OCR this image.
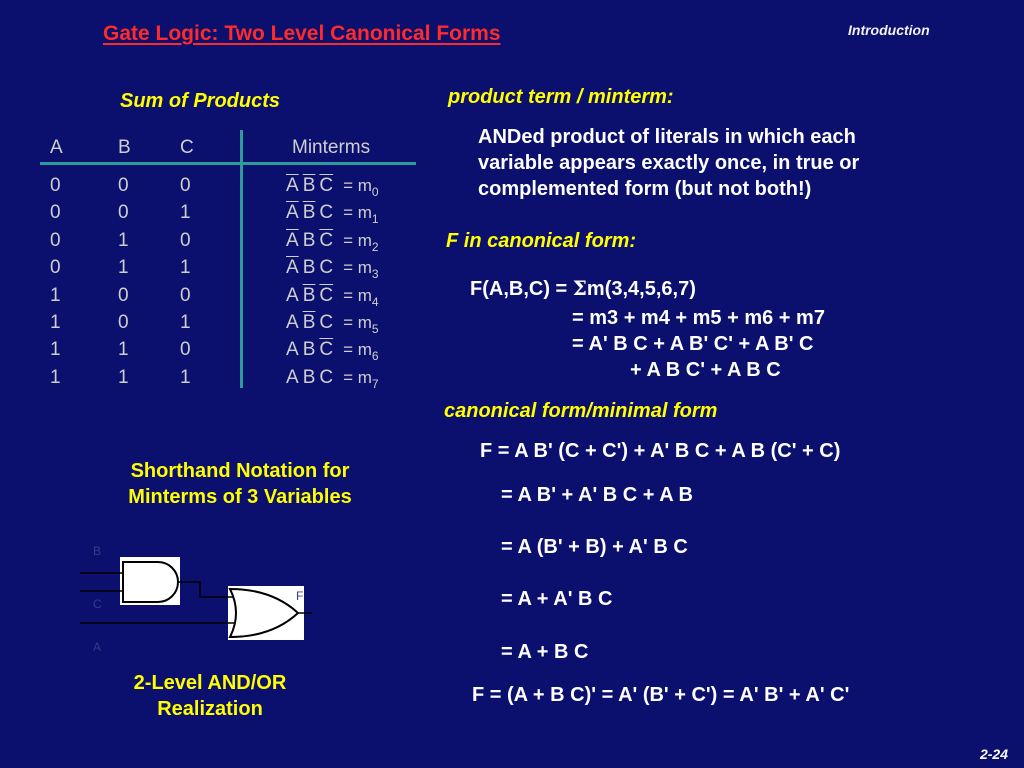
Gate Logic: Two Level Canonical Forms	Introduction
Sum of Products
A	B	C	Minterms
0	0	0	$\overline{A}$ $\overline{B}$ $\overline{C} = m_0$
0	0	1	$\overline{A}$ $\overline{B}$ $C = m_1$
0	1	0	$\overline{A}$ B $\overline{C} = m_2$
0	1	1	$\overline{A}$ B $C = m_3$
1	0	0	A $\overline{B}$ $\overline{C} = m_4$
1	0	1	A $\overline{B}$ $C = m_5$
1	1	0	A B $\overline{C} = m_6$
1	1	1	A B $C = m_7$
Shorthand Notation for
Minterms of 3 Variables
B
C
A
F
2-Level AND/OR
Realization
product term / minterm:
ANDed product of literals in which each
variable appears exactly once, in true or
complemented form (but not both!)
F in canonical form:
F(A,B,C) = Σm(3,4,5,6,7)
= m3 + m4 + m5 + m6 + m7
= A' B C + A B' C' + A B' C
+ A B C' + A B C
canonical form/minimal form
F = A B' (C + C') + A' B C + A B (C' + C)
= A B' + A' B C + A B
= A (B' + B) + A' B C
= A + A' B C
= A + B C
F = (A + B C)' = A' (B' + C') = A' B' + A' C'
2-24
